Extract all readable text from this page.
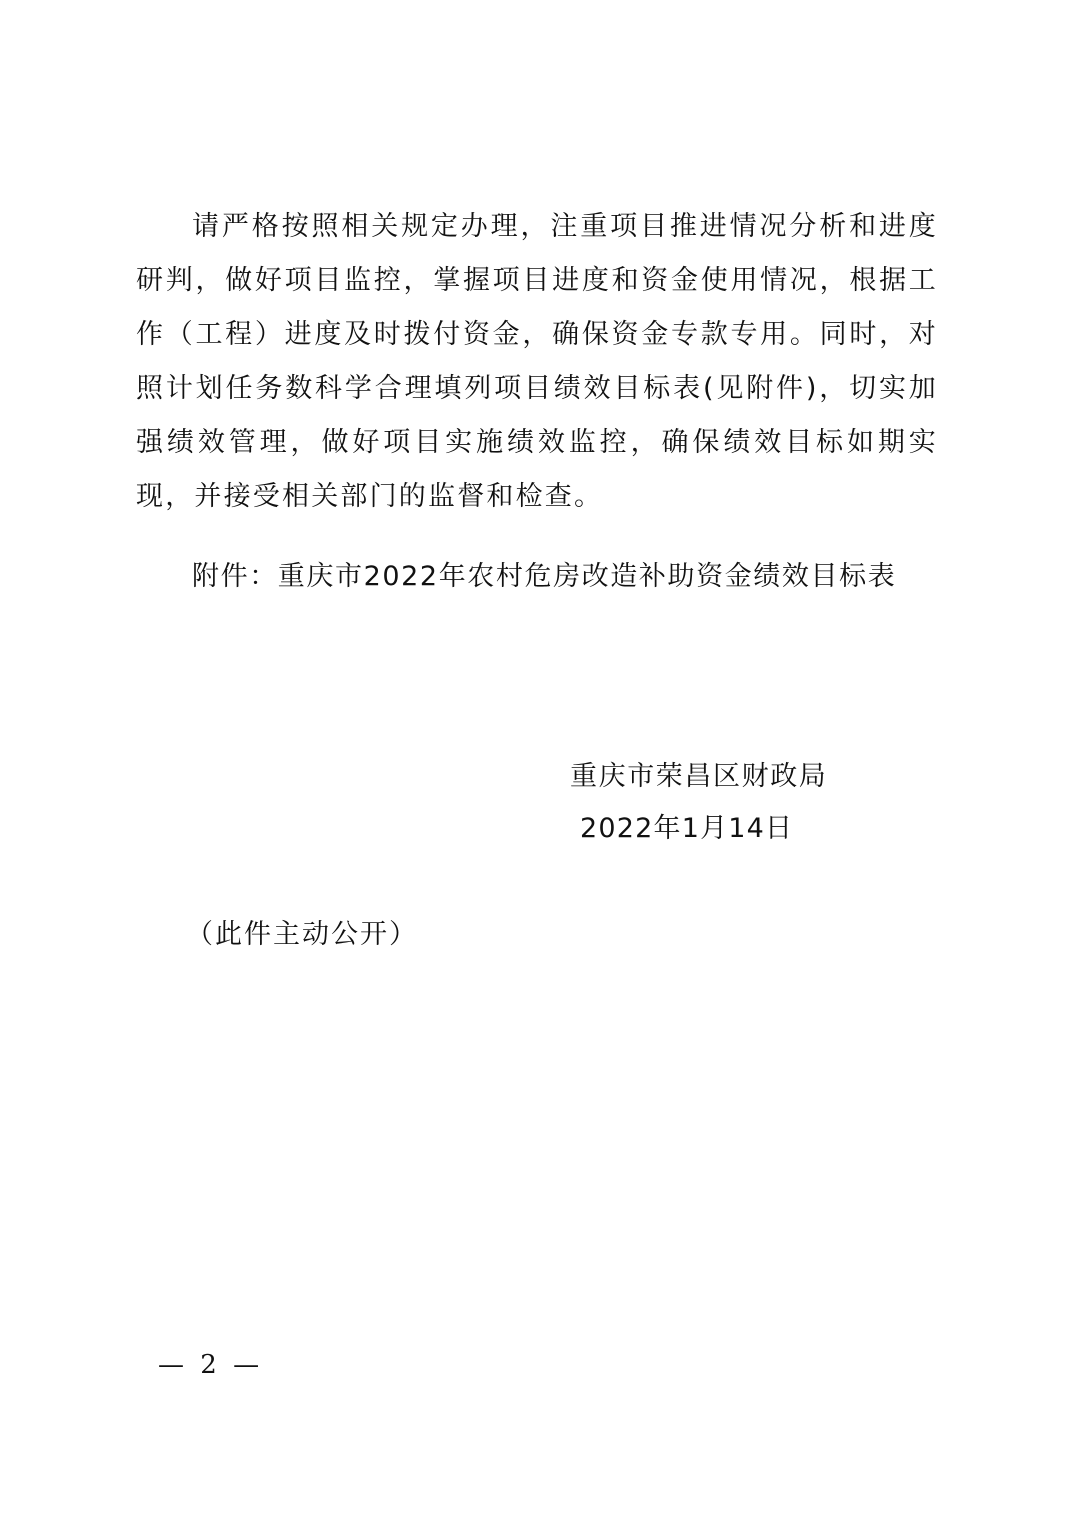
请严格按照相关规定办理，注重项目推进情况分析和进度研判，做好项目监控，掌握项目进度和资金使用情况，根据工作（工程）进度及时拨付资金，确保资金专款专用。同时，对照计划任务数科学合理填列项目绩效目标表(见附件)，切实加强绩效管理，做好项目实施绩效监控，确保绩效目标如期实现，并接受相关部门的监督和检查。

附件：重庆市2022年农村危房改造补助资金绩效目标表

重庆市荣昌区财政局

2022年1月14日

（此件主动公开）

— 2 —
